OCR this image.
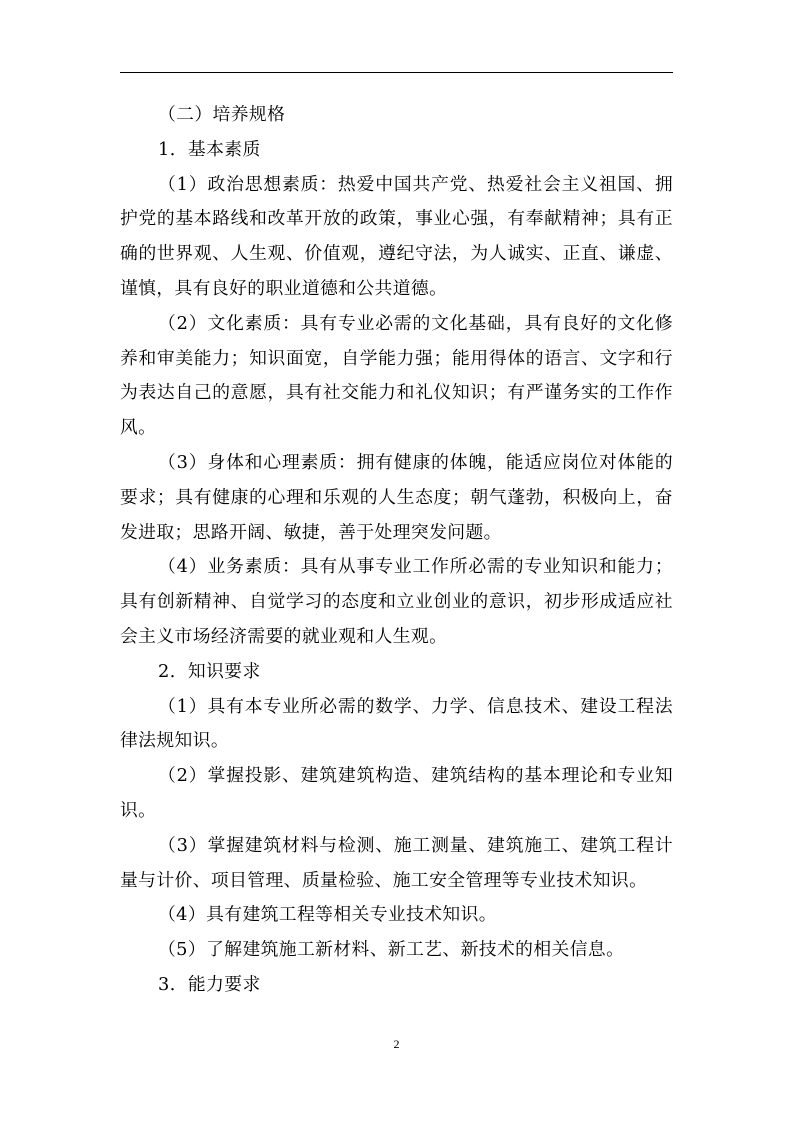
（二）培养规格

1．基本素质

（1）政治思想素质：热爱中国共产党、热爱社会主义祖国、拥护党的基本路线和改革开放的政策，事业心强，有奉献精神；具有正确的世界观、人生观、价值观，遵纪守法，为人诚实、正直、谦虚、谨慎，具有良好的职业道德和公共道德。

（2）文化素质：具有专业必需的文化基础，具有良好的文化修养和审美能力；知识面宽，自学能力强；能用得体的语言、文字和行为表达自己的意愿，具有社交能力和礼仪知识；有严谨务实的工作作风。

（3）身体和心理素质：拥有健康的体魄，能适应岗位对体能的要求；具有健康的心理和乐观的人生态度；朝气蓬勃，积极向上，奋发进取；思路开阔、敏捷，善于处理突发问题。

（4）业务素质：具有从事专业工作所必需的专业知识和能力；具有创新精神、自觉学习的态度和立业创业的意识，初步形成适应社会主义市场经济需要的就业观和人生观。

2．知识要求

（1）具有本专业所必需的数学、力学、信息技术、建设工程法律法规知识。

（2）掌握投影、建筑建筑构造、建筑结构的基本理论和专业知识。

（3）掌握建筑材料与检测、施工测量、建筑施工、建筑工程计量与计价、项目管理、质量检验、施工安全管理等专业技术知识。

（4）具有建筑工程等相关专业技术知识。

（5）了解建筑施工新材料、新工艺、新技术的相关信息。

3．能力要求

2
